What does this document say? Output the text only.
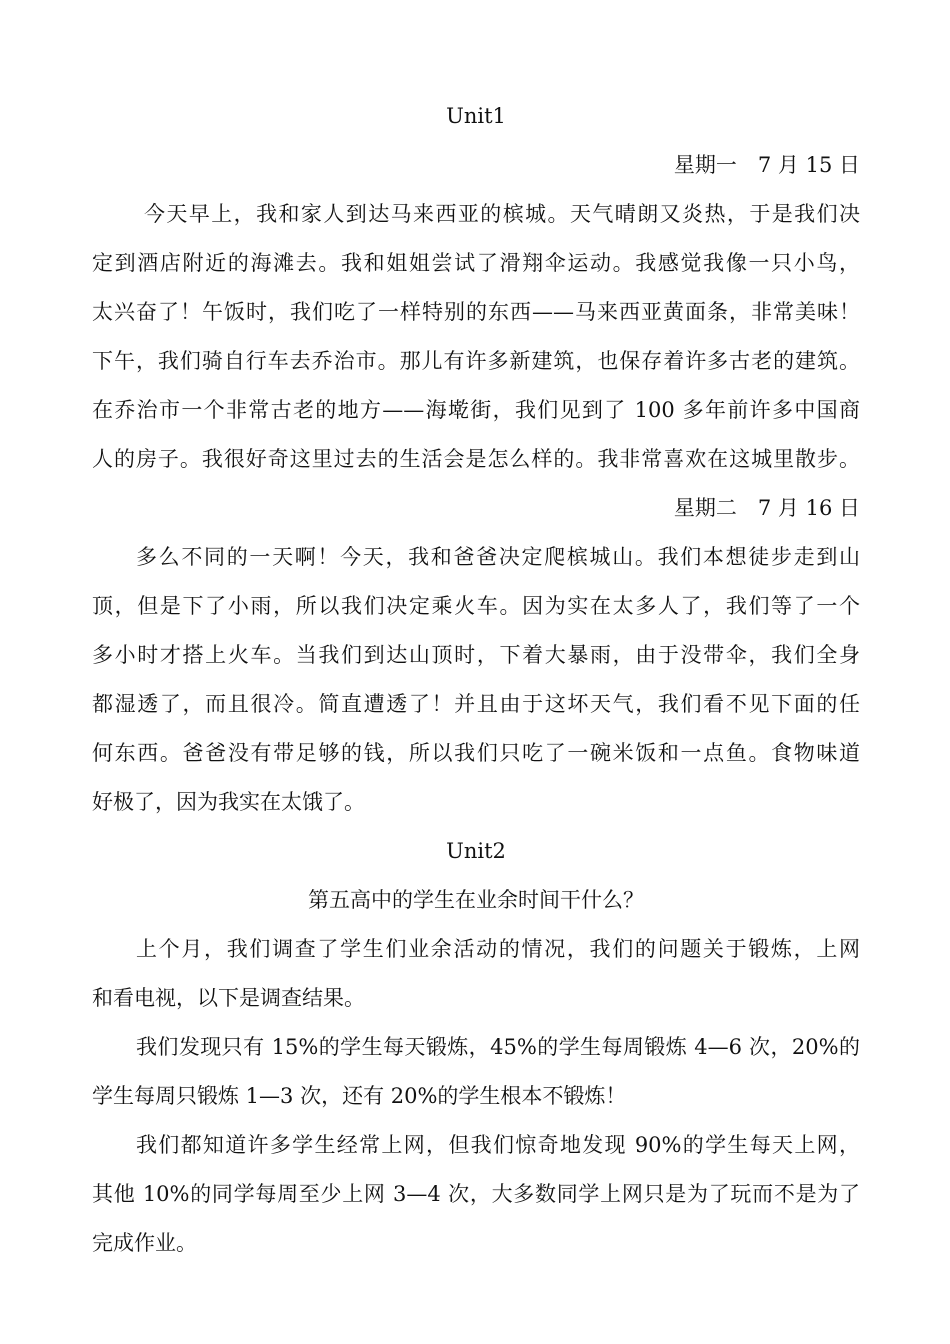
Unit1
星期一　7 月 15 日
今天早上，我和家人到达马来西亚的槟城。天气晴朗又炎热，于是我们决
定到酒店附近的海滩去。我和姐姐尝试了滑翔伞运动。我感觉我像一只小鸟，
太兴奋了！午饭时，我们吃了一样特别的东西——马来西亚黄面条，非常美味！
下午，我们骑自行车去乔治市。那儿有许多新建筑，也保存着许多古老的建筑。
在乔治市一个非常古老的地方——海墘街，我们见到了 100 多年前许多中国商
人的房子。我很好奇这里过去的生活会是怎么样的。我非常喜欢在这城里散步。
星期二　7 月 16 日
多么不同的一天啊！今天，我和爸爸决定爬槟城山。我们本想徒步走到山
顶，但是下了小雨，所以我们决定乘火车。因为实在太多人了，我们等了一个
多小时才搭上火车。当我们到达山顶时，下着大暴雨，由于没带伞，我们全身
都湿透了，而且很冷。简直遭透了！并且由于这坏天气，我们看不见下面的任
何东西。爸爸没有带足够的钱，所以我们只吃了一碗米饭和一点鱼。食物味道
好极了，因为我实在太饿了。
Unit2
第五高中的学生在业余时间干什么？
上个月，我们调查了学生们业余活动的情况，我们的问题关于锻炼，上网
和看电视，以下是调查结果。
我们发现只有 15%的学生每天锻炼，45%的学生每周锻炼 4—6 次，20%的
学生每周只锻炼 1—3 次，还有 20%的学生根本不锻炼！
我们都知道许多学生经常上网，但我们惊奇地发现 90%的学生每天上网，
其他 10%的同学每周至少上网 3—4 次，大多数同学上网只是为了玩而不是为了
完成作业。
